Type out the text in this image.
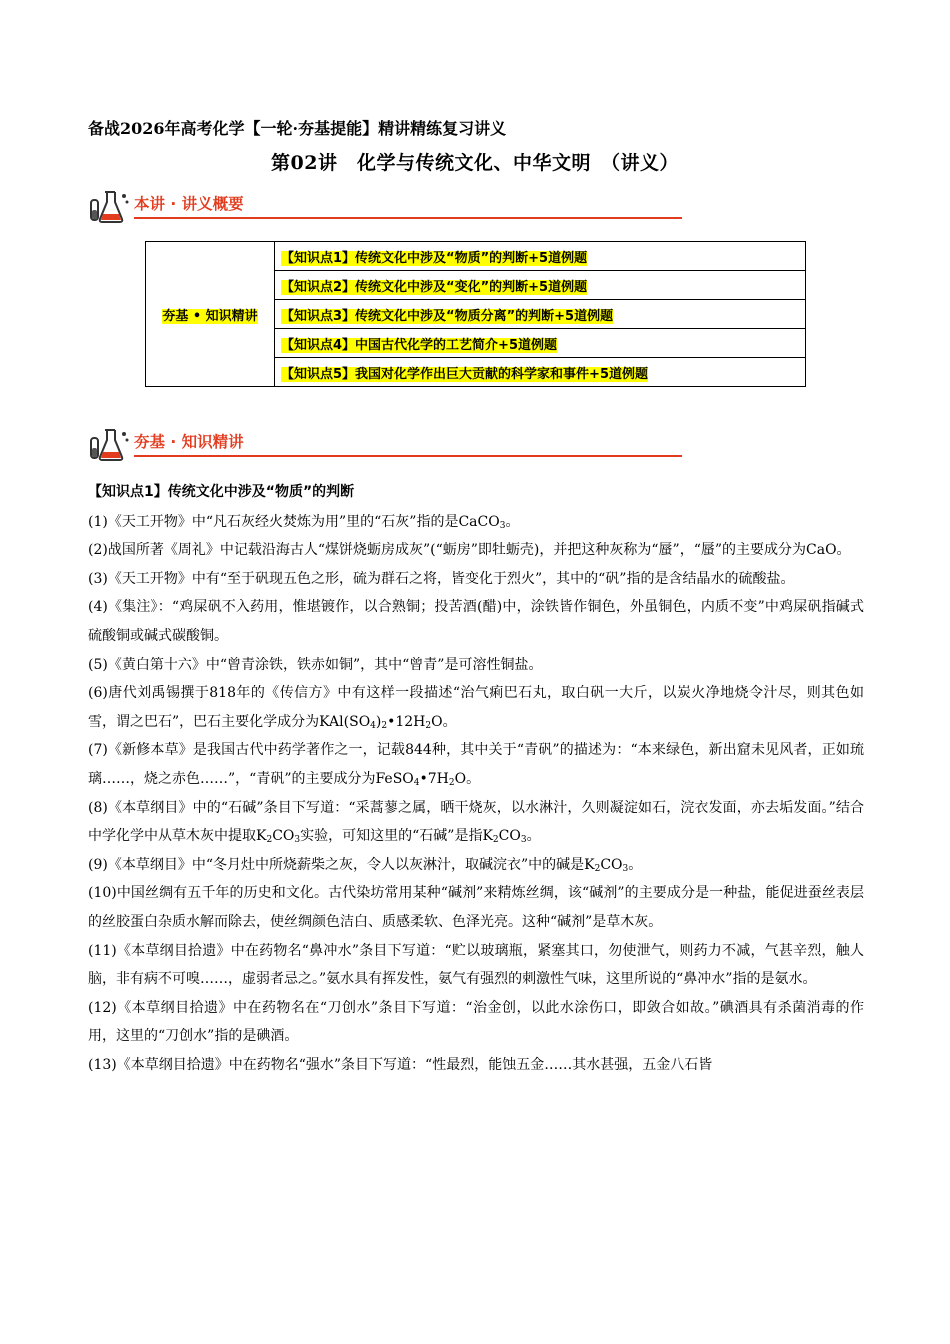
备战2026年高考化学【一轮·夯基提能】精讲精练复习讲义
第02讲　化学与传统文化、中华文明　（讲义）
本讲 · 讲义概要
夯基 • 知识精讲	【知识点1】传统文化中涉及“物质”的判断+5道例题
【知识点2】传统文化中涉及“变化”的判断+5道例题
【知识点3】传统文化中涉及“物质分离”的判断+5道例题
【知识点4】中国古代化学的工艺简介+5道例题
【知识点5】我国对化学作出巨大贡献的科学家和事件+5道例题
夯基 · 知识精讲

【知识点1】传统文化中涉及“物质”的判断

(1)《天工开物》中“凡石灰经火焚炼为用”里的“石灰”指的是CaCO$_3$。

(2)战国所著《周礼》中记载沿海古人“煤饼烧蛎房成灰”(“蛎房”即牡蛎壳)，并把这种灰称为“蜃”，“蜃”的主要成分为CaO。

(3)《天工开物》中有“至于矾现五色之形，硫为群石之将，皆变化于烈火”，其中的“矾”指的是含结晶水的硫酸盐。

(4)《集注》：“鸡屎矾不入药用，惟堪镀作，以合熟铜；投苦酒(醋)中，涂铁皆作铜色，外虽铜色，内质不变”中鸡屎矾指碱式硫酸铜或碱式碳酸铜。

(5)《黄白第十六》中“曾青涂铁，铁赤如铜”，其中“曾青”是可溶性铜盐。

(6)唐代刘禹锡撰于818年的《传信方》中有这样一段描述“治气痢巴石丸，取白矾一大斤，以炭火净地烧令汁尽，则其色如雪，谓之巴石”，巴石主要化学成分为$KAl(SO_4)_2•12H_2O$。

(7)《新修本草》是我国古代中药学著作之一，记载844种，其中关于“青矾”的描述为：“本来绿色，新出窟未见风者，正如琉璃……，烧之赤色……”，“青矾”的主要成分为$FeSO_4•7H_2O$。

(8)《本草纲目》中的“石碱”条目下写道：“采蒿蓼之属，晒干烧灰，以水淋汁，久则凝淀如石，浣衣发面，亦去垢发面。”结合中学化学中从草木灰中提取$K_2CO_3$实验，可知这里的“石碱”是指$K_2CO_3$。

(9)《本草纲目》中“冬月灶中所烧薪柴之灰，令人以灰淋汁，取碱浣衣”中的碱是$K_2CO_3$。

(10)中国丝绸有五千年的历史和文化。古代染坊常用某种“碱剂”来精炼丝绸，该“碱剂”的主要成分是一种盐，能促进蚕丝表层的丝胶蛋白杂质水解而除去，使丝绸颜色洁白、质感柔软、色泽光亮。这种“碱剂”是草木灰。

(11)《本草纲目拾遗》中在药物名“鼻冲水”条目下写道：“贮以玻璃瓶，紧塞其口，勿使泄气，则药力不减，气甚辛烈，触人脑，非有病不可嗅……，虚弱者忌之。”氨水具有挥发性，氨气有强烈的刺激性气味，这里所说的“鼻冲水”指的是氨水。

(12)《本草纲目拾遗》中在药物名在“刀创水”条目下写道：“治金创，以此水涂伤口，即敛合如故。”碘酒具有杀菌消毒的作用，这里的“刀创水”指的是碘酒。

(13)《本草纲目拾遗》中在药物名“强水”条目下写道：“性最烈，能蚀五金……其水甚强，五金八石皆
